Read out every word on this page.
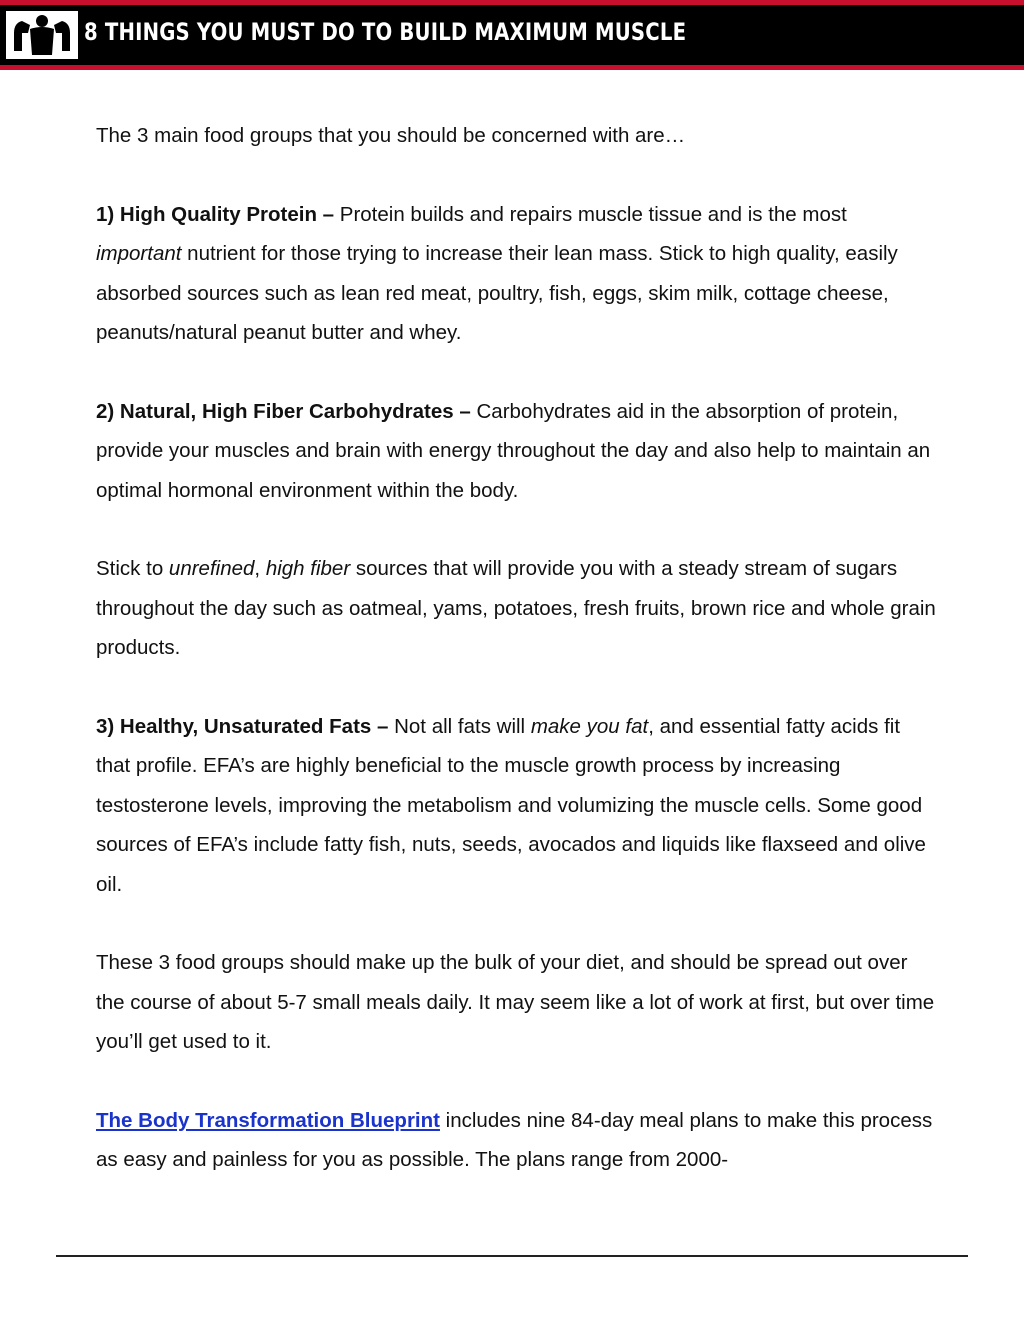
8 THINGS YOU MUST DO TO BUILD MAXIMUM MUSCLE

The 3 main food groups that you should be concerned with are…

1) High Quality Protein – Protein builds and repairs muscle tissue and is the most important nutrient for those trying to increase their lean mass. Stick to high quality, easily absorbed sources such as lean red meat, poultry, fish, eggs, skim milk, cottage cheese, peanuts/natural peanut butter and whey.

2) Natural, High Fiber Carbohydrates – Carbohydrates aid in the absorption of protein, provide your muscles and brain with energy throughout the day and also help to maintain an optimal hormonal environment within the body.

Stick to unrefined, high fiber sources that will provide you with a steady stream of sugars throughout the day such as oatmeal, yams, potatoes, fresh fruits, brown rice and whole grain products.

3) Healthy, Unsaturated Fats – Not all fats will make you fat, and essential fatty acids fit that profile. EFA’s are highly beneficial to the muscle growth process by increasing testosterone levels, improving the metabolism and volumizing the muscle cells. Some good sources of EFA’s include fatty fish, nuts, seeds, avocados and liquids like flaxseed and olive oil.

These 3 food groups should make up the bulk of your diet, and should be spread out over the course of about 5-7 small meals daily. It may seem like a lot of work at first, but over time you’ll get used to it.

The Body Transformation Blueprint includes nine 84-day meal plans to make this process as easy and painless for you as possible. The plans range from 2000-
